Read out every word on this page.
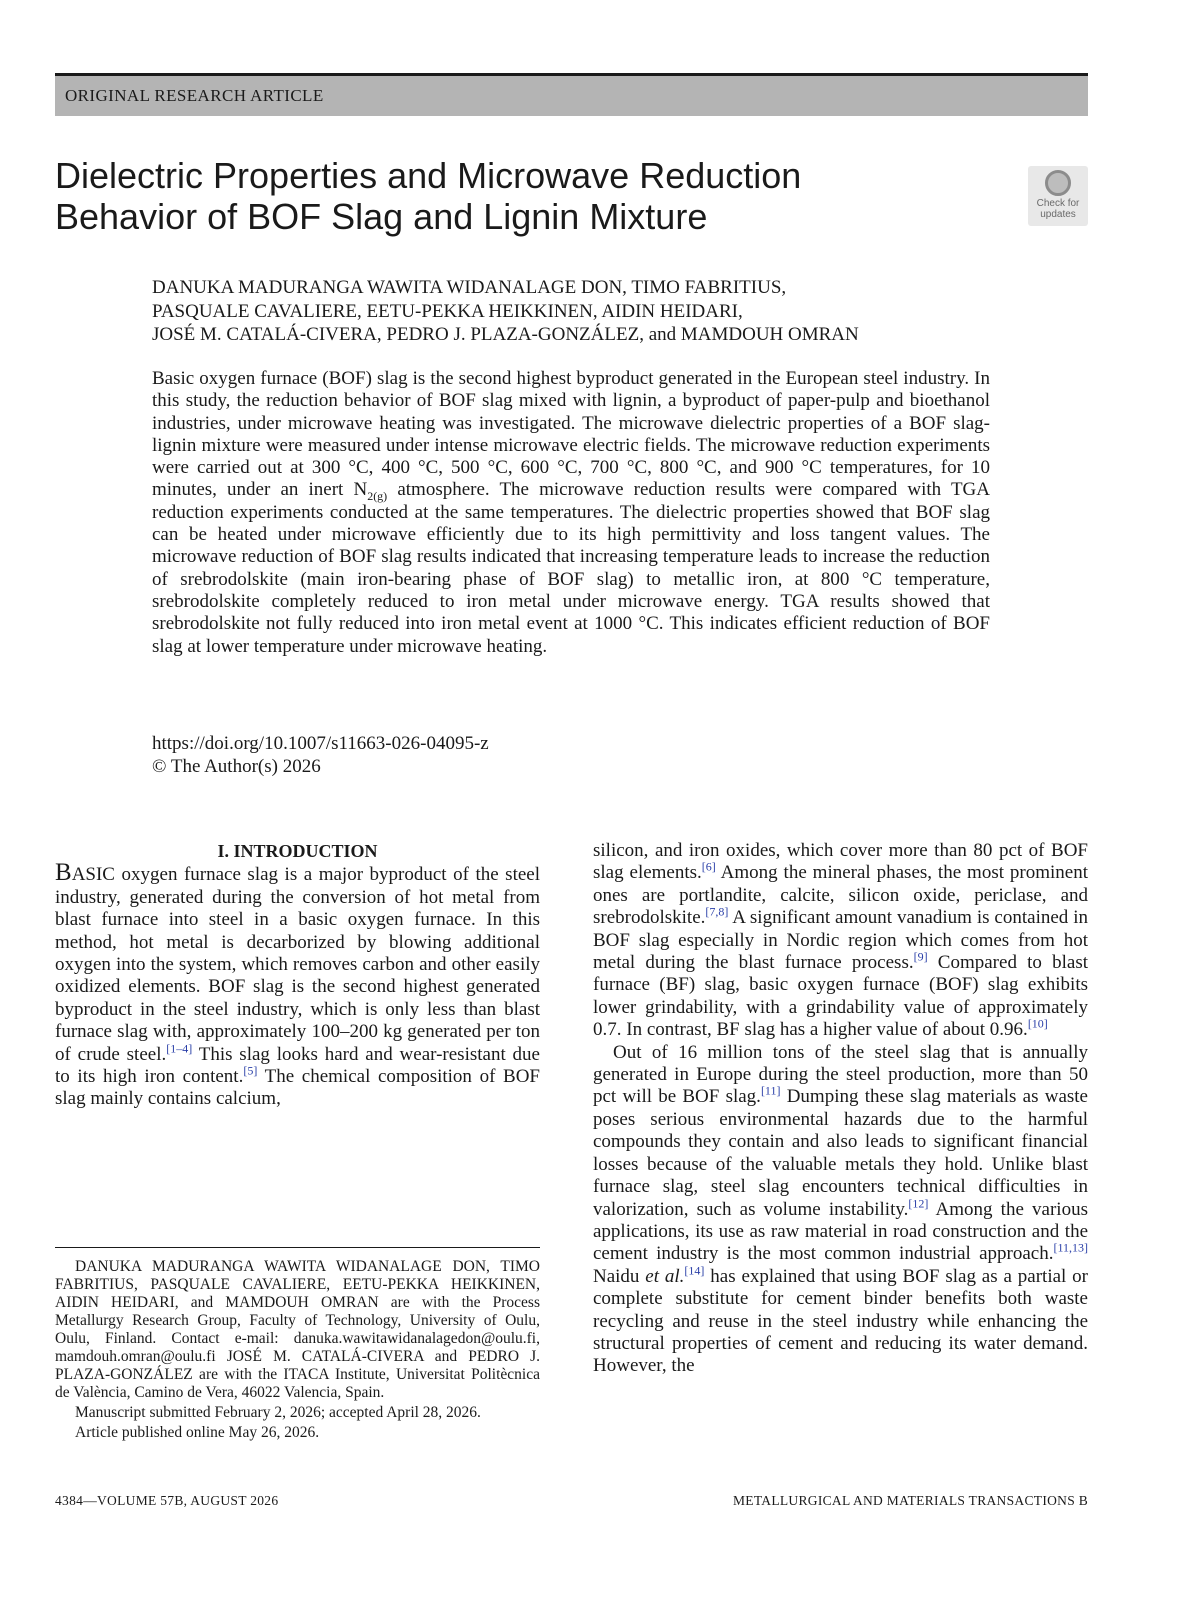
ORIGINAL RESEARCH ARTICLE
Dielectric Properties and Microwave Reduction
Behavior of BOF Slag and Lignin Mixture	Check for
updates
DANUKA MADURANGA WAWITA WIDANALAGE DON, TIMO FABRITIUS,
PASQUALE CAVALIERE, EETU-PEKKA HEIKKINEN, AIDIN HEIDARI,
JOSÉ M. CATALÁ-CIVERA, PEDRO J. PLAZA-GONZÁLEZ, and MAMDOUH OMRAN

Basic oxygen furnace (BOF) slag is the second highest byproduct generated in the European steel industry. In this study, the reduction behavior of BOF slag mixed with lignin, a byproduct of paper-pulp and bioethanol industries, under microwave heating was investigated. The microwave dielectric properties of a BOF slag-lignin mixture were measured under intense microwave electric fields. The microwave reduction experiments were carried out at 300 °C, 400 °C, 500 °C, 600 °C, 700 °C, 800 °C, and 900 °C temperatures, for 10 minutes, under an inert $N_{2(g)}$ atmosphere. The microwave reduction results were compared with TGA reduction experiments conducted at the same temperatures. The dielectric properties showed that BOF slag can be heated under microwave efficiently due to its high permittivity and loss tangent values. The microwave reduction of BOF slag results indicated that increasing temperature leads to increase the reduction of srebrodolskite (main iron-bearing phase of BOF slag) to metallic iron, at 800 °C temperature, srebrodolskite completely reduced to iron metal under microwave energy. TGA results showed that srebrodolskite not fully reduced into iron metal event at 1000 °C. This indicates efficient reduction of BOF slag at lower temperature under microwave heating.

https://doi.org/10.1007/s11663-026-04095-z
© The Author(s) 2026

I. INTRODUCTION

BASIC oxygen furnace slag is a major byproduct of the steel industry, generated during the conversion of hot metal from blast furnace into steel in a basic oxygen furnace. In this method, hot metal is decarborized by blowing additional oxygen into the system, which removes carbon and other easily oxidized elements. BOF slag is the second highest generated byproduct in the steel industry, which is only less than blast furnace slag with, approximately 100–200 kg generated per ton of crude steel.[1–4] This slag looks hard and wear-resistant due to its high iron content.[5] The chemical composition of BOF slag mainly contains calcium,

silicon, and iron oxides, which cover more than 80 pct of BOF slag elements.[6] Among the mineral phases, the most prominent ones are portlandite, calcite, silicon oxide, periclase, and srebrodolskite.[7,8] A significant amount vanadium is contained in BOF slag especially in Nordic region which comes from hot metal during the blast furnace process.[9] Compared to blast furnace (BF) slag, basic oxygen furnace (BOF) slag exhibits lower grindability, with a grindability value of approximately 0.7. In contrast, BF slag has a higher value of about 0.96.[10]

Out of 16 million tons of the steel slag that is annually generated in Europe during the steel production, more than 50 pct will be BOF slag.[11] Dumping these slag materials as waste poses serious environmental hazards due to the harmful compounds they contain and also leads to significant financial losses because of the valuable metals they hold. Unlike blast furnace slag, steel slag encounters technical difficulties in valorization, such as volume instability.[12] Among the various applications, its use as raw material in road construction and the cement industry is the most common industrial approach.[11,13] Naidu et al.[14] has explained that using BOF slag as a partial or complete substitute for cement binder benefits both waste recycling and reuse in the steel industry while enhancing the structural properties of cement and reducing its water demand. However, the

DANUKA MADURANGA WAWITA WIDANALAGE DON, TIMO FABRITIUS, PASQUALE CAVALIERE, EETU-PEKKA HEIKKINEN, AIDIN HEIDARI, and MAMDOUH OMRAN are with the Process Metallurgy Research Group, Faculty of Technology, University of Oulu, Oulu, Finland. Contact e-mail: danuka.wawitawidanalagedon@oulu.fi, mamdouh.omran@oulu.fi JOSÉ M. CATALÁ-CIVERA and PEDRO J. PLAZA-GONZÁLEZ are with the ITACA Institute, Universitat Politècnica de València, Camino de Vera, 46022 Valencia, Spain.

Manuscript submitted February 2, 2026; accepted April 28, 2026.

Article published online May 26, 2026.

4384—VOLUME 57B, AUGUST 2026	METALLURGICAL AND MATERIALS TRANSACTIONS B
